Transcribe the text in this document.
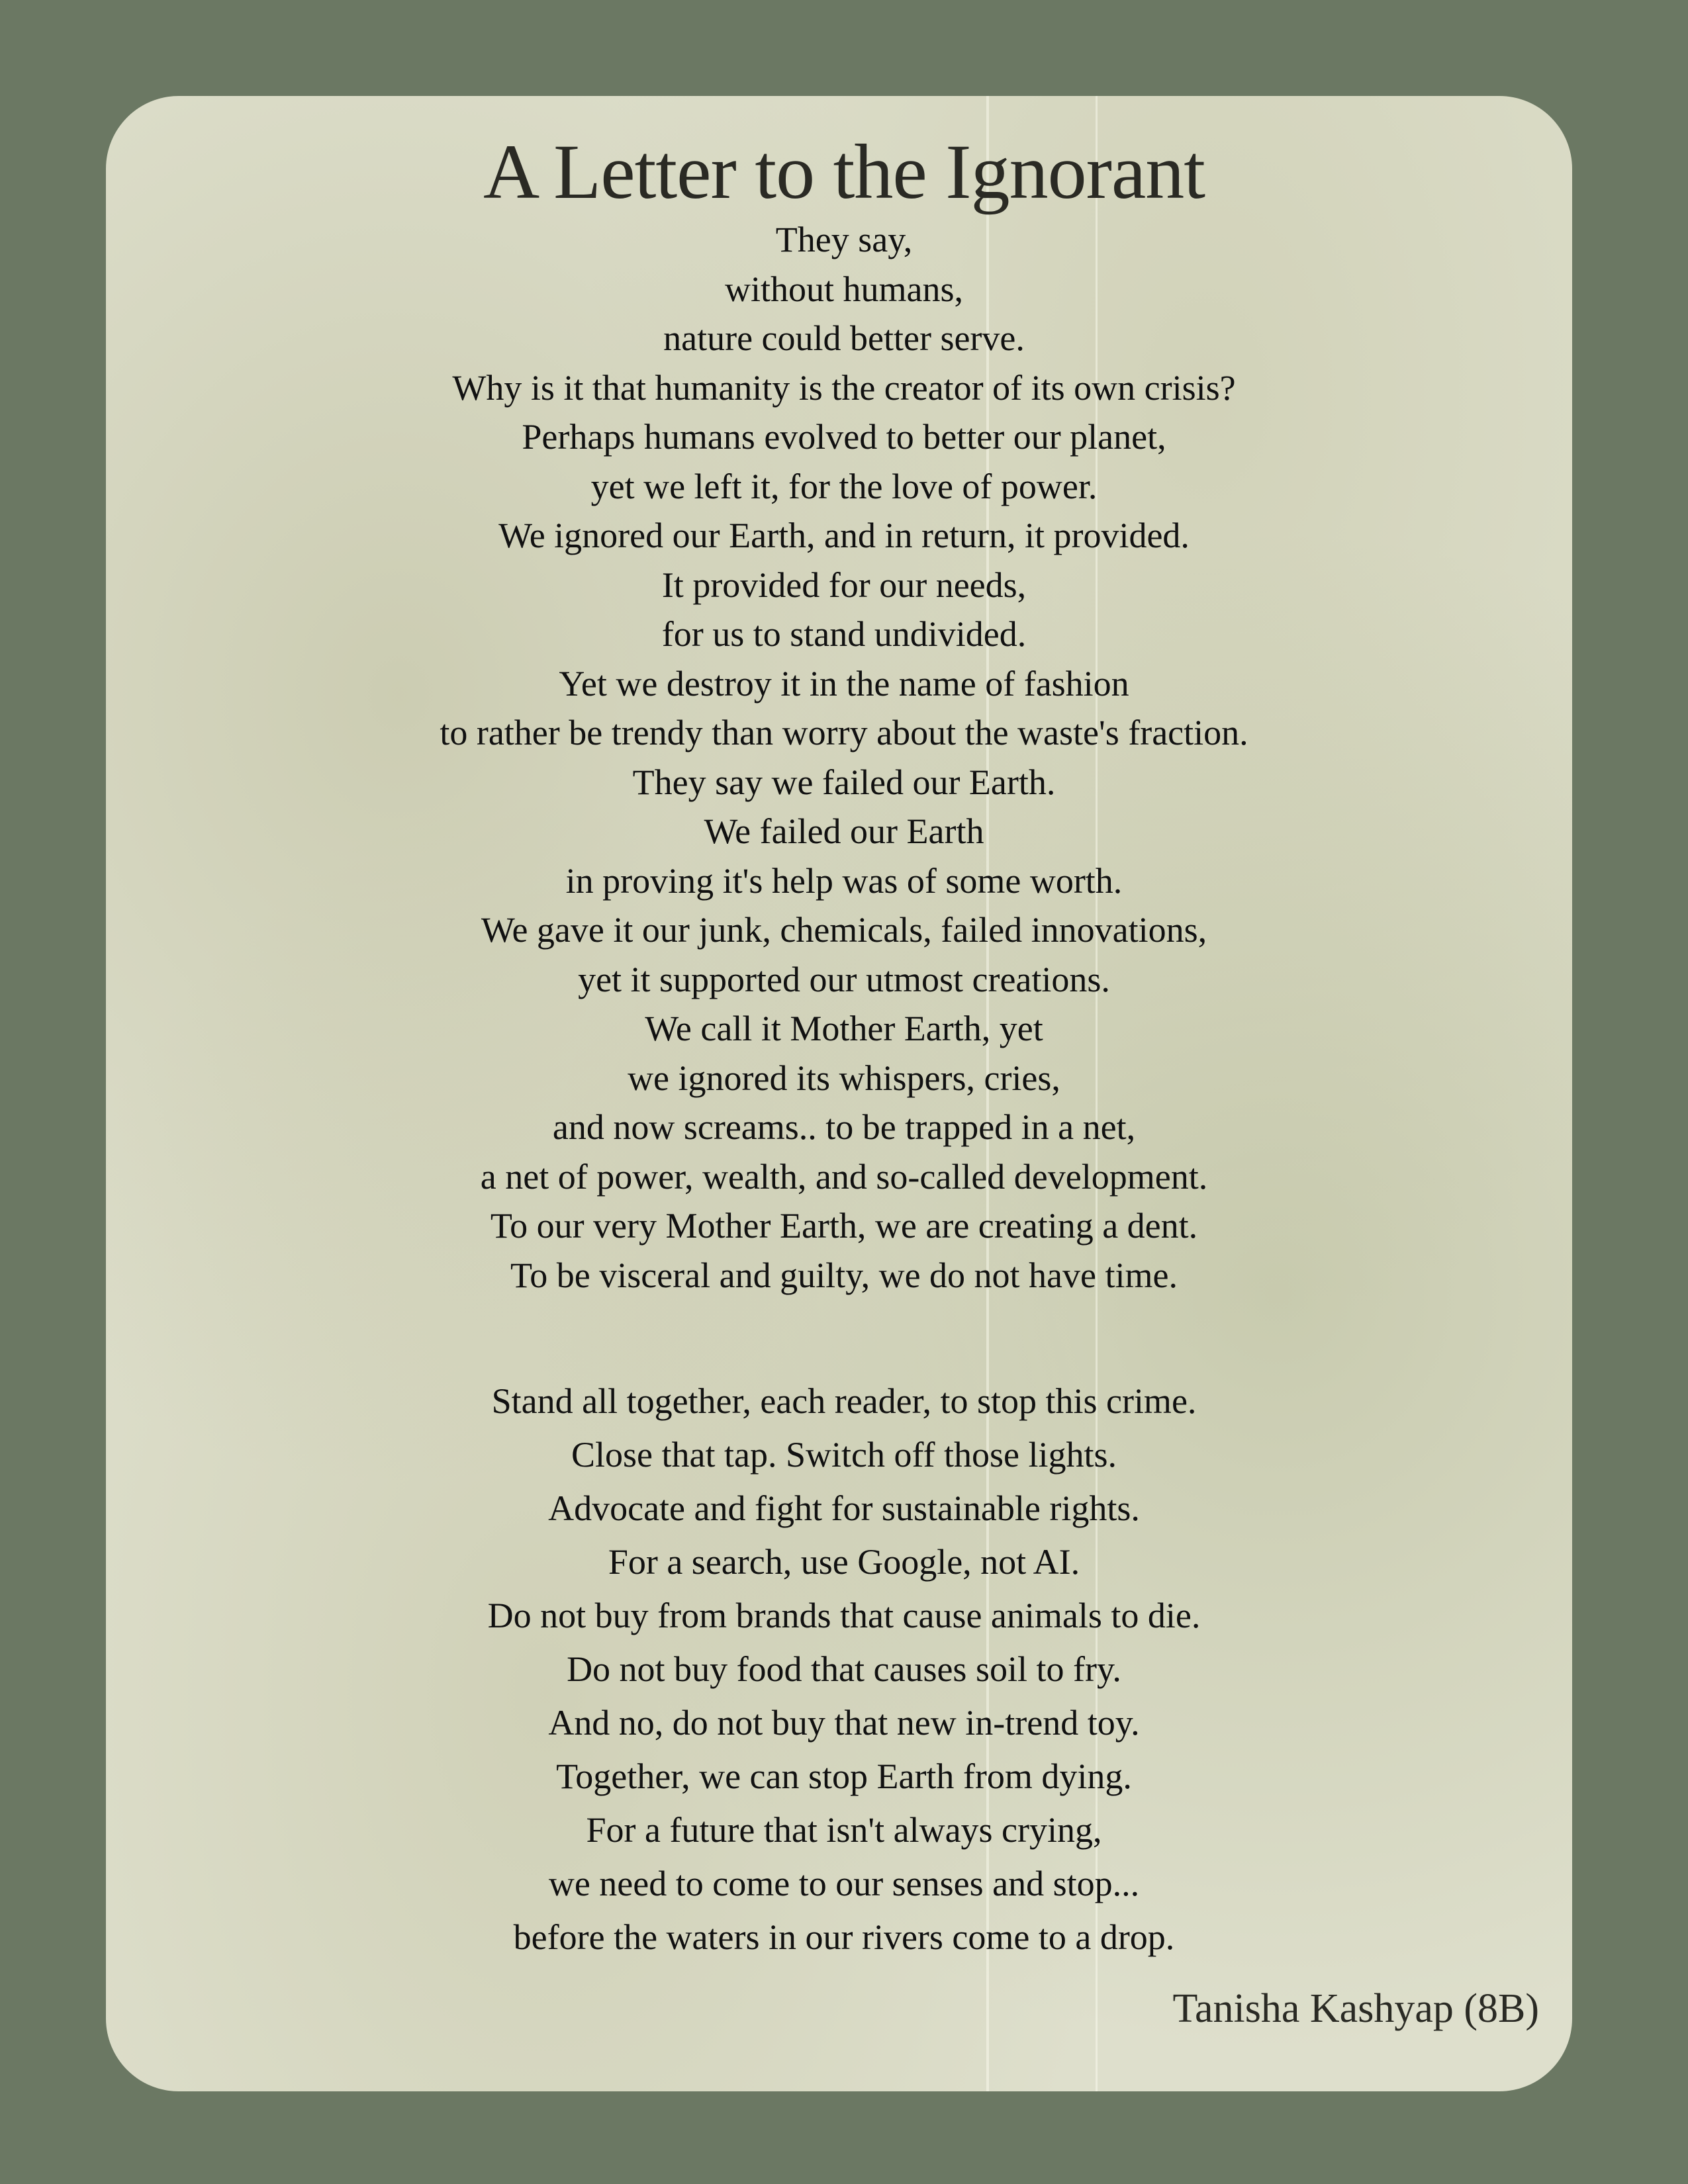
A Letter to the Ignorant
They say,
without humans,
nature could better serve.
Why is it that humanity is the creator of its own crisis?
Perhaps humans evolved to better our planet,
yet we left it, for the love of power.
We ignored our Earth, and in return, it provided.
It provided for our needs,
for us to stand undivided.
Yet we destroy it in the name of fashion
to rather be trendy than worry about the waste's fraction.
They say we failed our Earth.
We failed our Earth
in proving it's help was of some worth.
We gave it our junk, chemicals, failed innovations,
yet it supported our utmost creations.
We call it Mother Earth, yet
we ignored its whispers, cries,
and now screams.. to be trapped in a net,
a net of power, wealth, and so-called development.
To our very Mother Earth, we are creating a dent.
To be visceral and guilty, we do not have time.
Stand all together, each reader, to stop this crime.
Close that tap. Switch off those lights.
Advocate and fight for sustainable rights.
For a search, use Google, not AI.
Do not buy from brands that cause animals to die.
Do not buy food that causes soil to fry.
And no, do not buy that new in-trend toy.
Together, we can stop Earth from dying.
For a future that isn't always crying,
we need to come to our senses and stop...
before the waters in our rivers come to a drop.
Tanisha Kashyap (8B)
